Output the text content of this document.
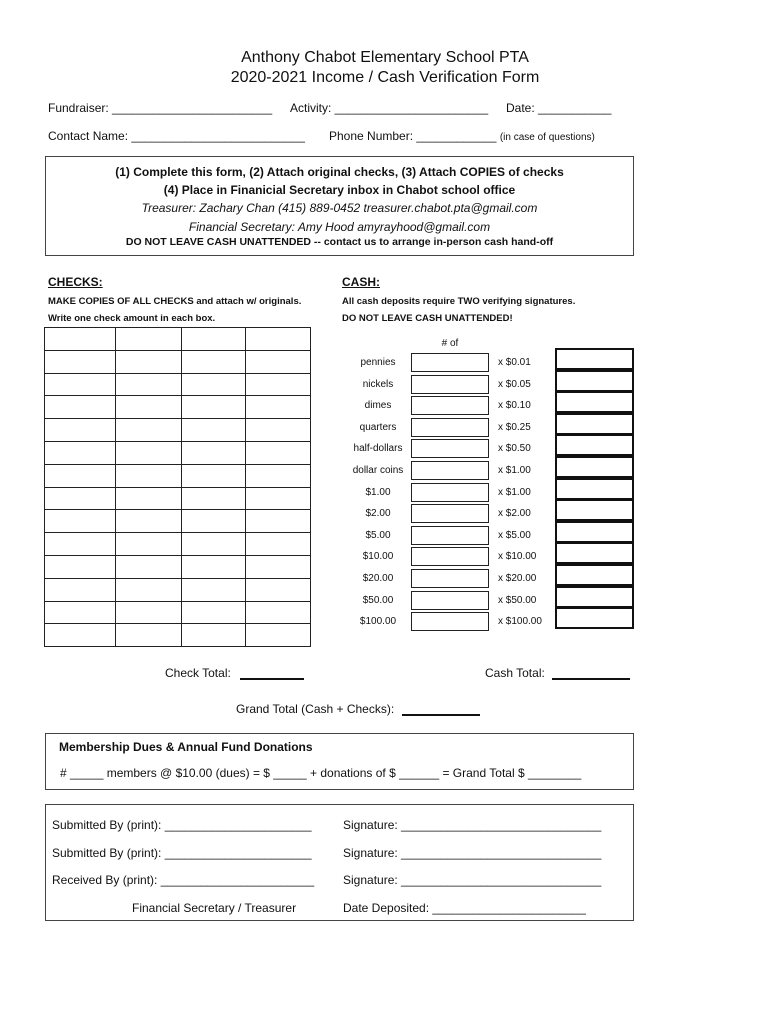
Anthony Chabot Elementary School PTA
2020-2021 Income / Cash Verification Form
Fundraiser: ________________________ Activity: _______________________ Date: ___________
Contact Name: __________________________ Phone Number: ____________ (in case of questions)
(1) Complete this form, (2) Attach original checks, (3) Attach COPIES of checks
(4) Place in Finanicial Secretary inbox in Chabot school office
Treasurer: Zachary Chan (415) 889-0452 treasurer.chabot.pta@gmail.com
Financial Secretary: Amy Hood amyrayhood@gmail.com
DO NOT LEAVE CASH UNATTENDED -- contact us to arrange in-person cash hand-off
CHECKS:
MAKE COPIES OF ALL CHECKS and attach w/ originals.
Write one check amount in each box.

Check Total:
CASH:
All cash deposits require TWO verifying signatures.
DO NOT LEAVE CASH UNATTENDED!
# of
pennies	x $0.01
nickels	x $0.05
dimes	x $0.10
quarters	x $0.25
half-dollars	x $0.50
dollar coins	x $1.00
$1.00	x $1.00
$2.00	x $2.00
$5.00	x $5.00
$10.00	x $10.00
$20.00	x $20.00
$50.00	x $50.00
$100.00	x $100.00
Cash Total:
Grand Total (Cash + Checks):
Membership Dues & Annual Fund Donations
# _____ members @ $10.00 (dues) = $ _____ + donations of $ ______ = Grand Total $ ________
Submitted By (print): ______________________	Signature: ______________________________
Submitted By (print): ______________________	Signature: ______________________________
Received By (print): _______________________ Signature: ______________________________
Financial Secretary / Treasurer	Date Deposited: _______________________
